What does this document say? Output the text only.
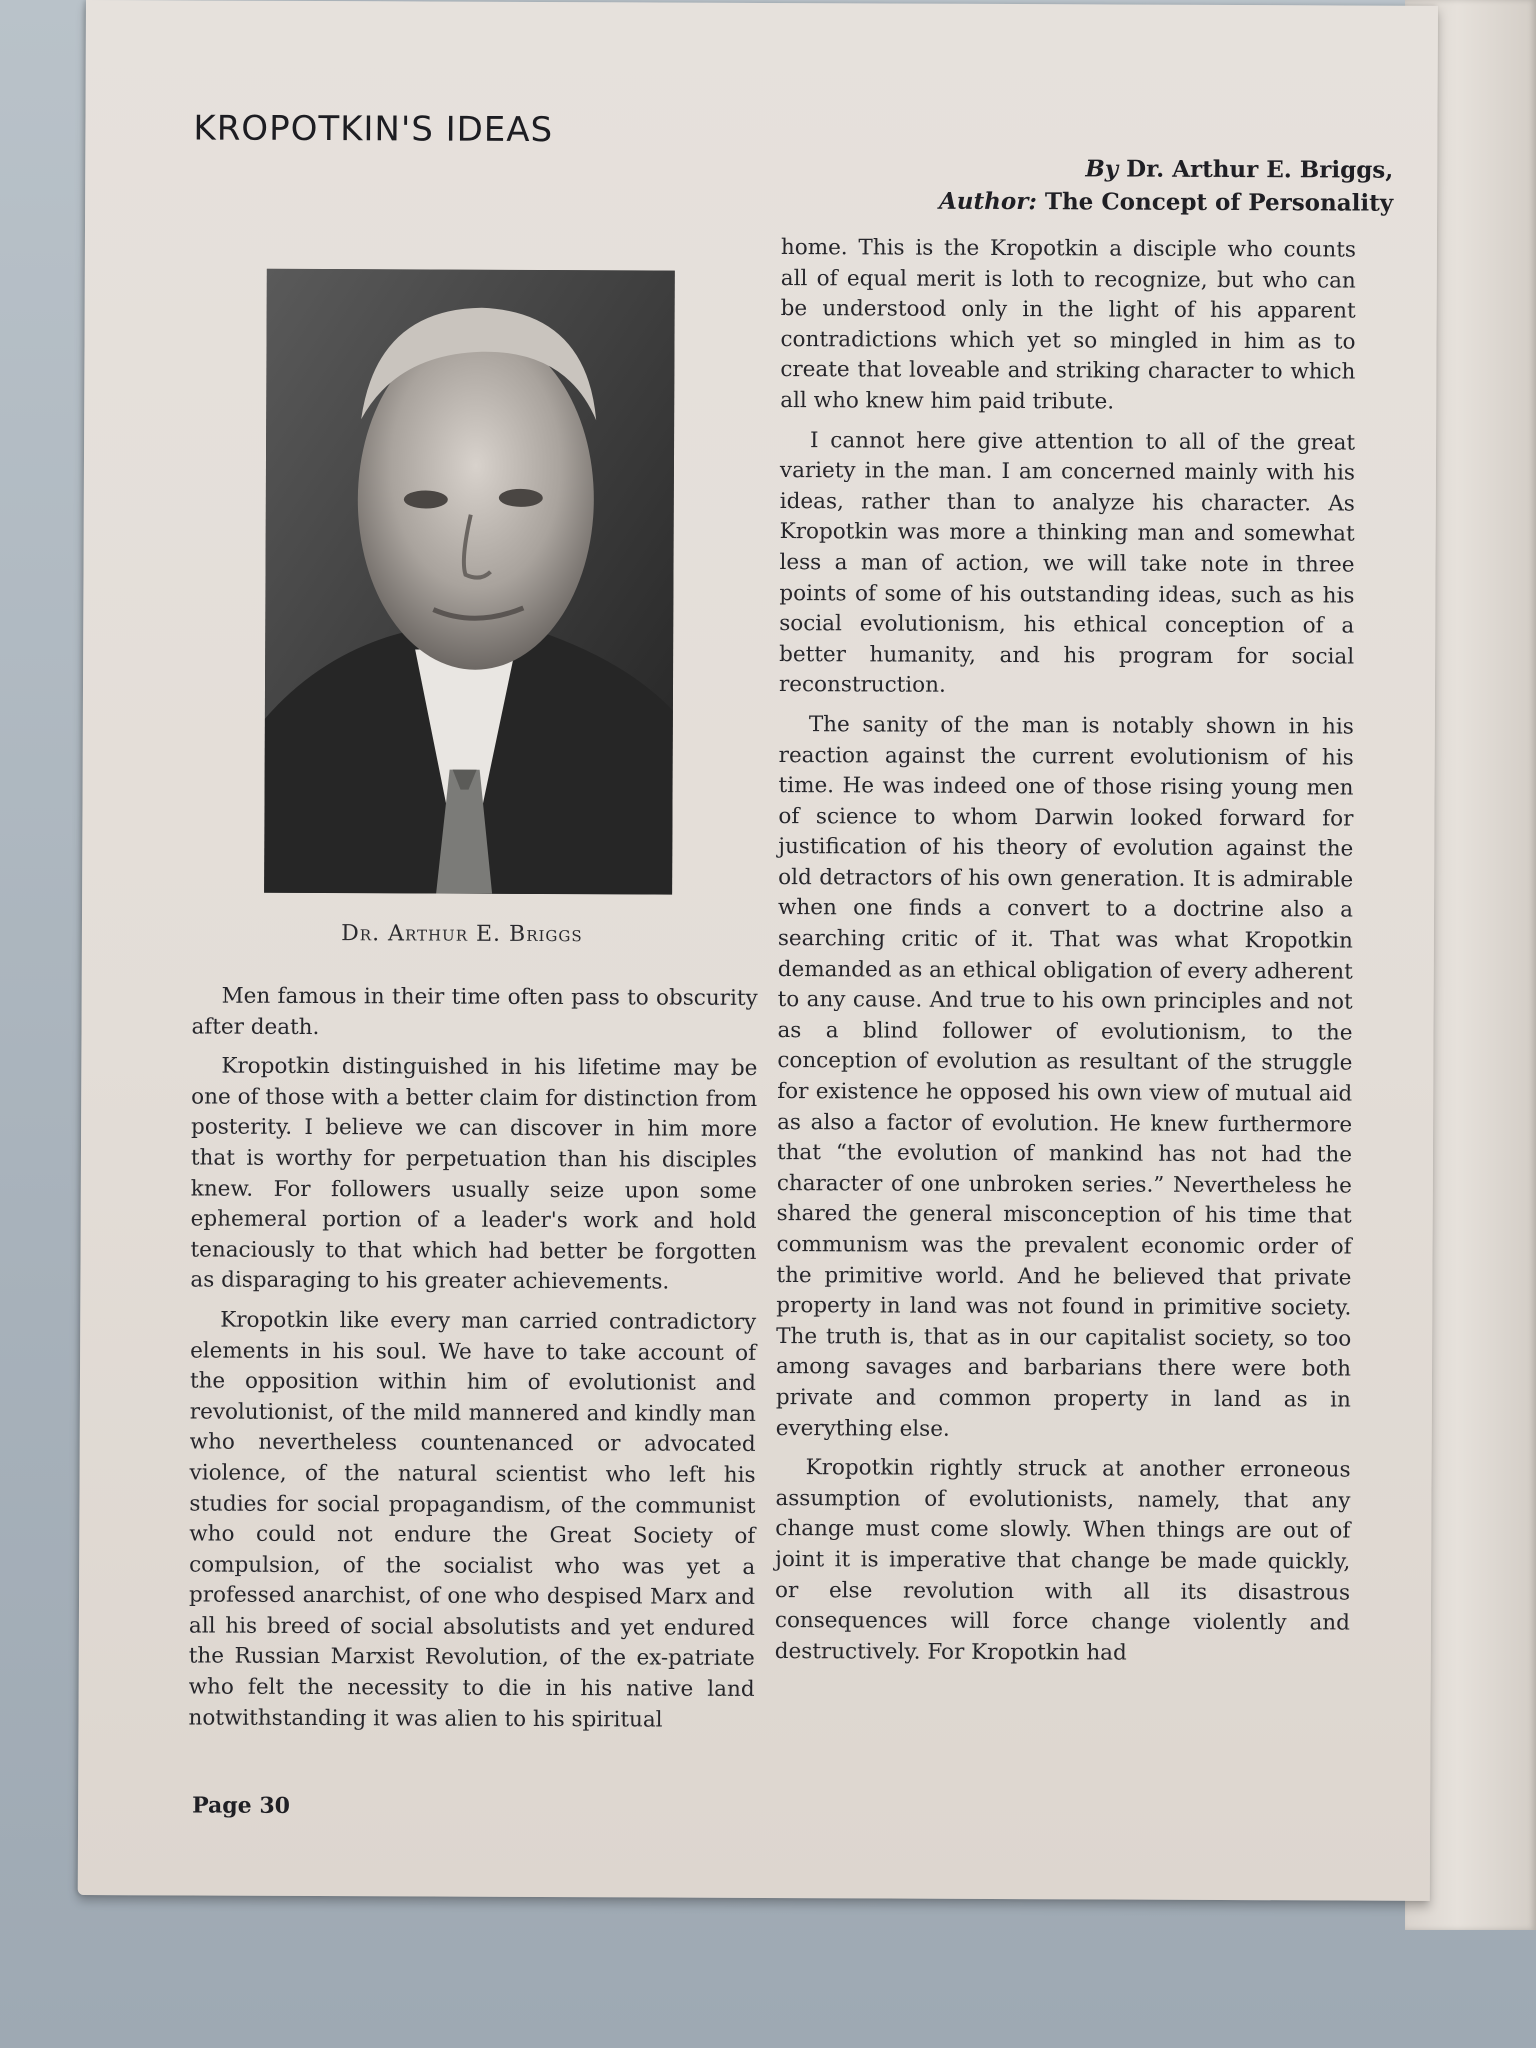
KROPOTKIN'S IDEAS
By Dr. Arthur E. Briggs,
Author: The Concept of Personality
Dr. Arthur E. Briggs

Men famous in their time often pass to obscurity after death.

Kropotkin distinguished in his lifetime may be one of those with a better claim for distinction from posterity. I believe we can discover in him more that is worthy for perpetuation than his disciples knew. For followers usually seize upon some ephemeral portion of a leader's work and hold tenaciously to that which had better be forgotten as disparaging to his greater achievements.

Kropotkin like every man carried contradictory elements in his soul. We have to take account of the opposition within him of evolutionist and revolutionist, of the mild mannered and kindly man who nevertheless countenanced or advocated violence, of the natural scientist who left his studies for social propagandism, of the communist who could not endure the Great Society of compulsion, of the socialist who was yet a professed anarchist, of one who despised Marx and all his breed of social absolutists and yet endured the Russian Marxist Revolution, of the ex-patriate who felt the necessity to die in his native land notwithstanding it was alien to his spiritual

home. This is the Kropotkin a disciple who counts all of equal merit is loth to recognize, but who can be understood only in the light of his apparent contradictions which yet so mingled in him as to create that loveable and striking character to which all who knew him paid tribute.

I cannot here give attention to all of the great variety in the man. I am concerned mainly with his ideas, rather than to analyze his character. As Kropotkin was more a thinking man and somewhat less a man of action, we will take note in three points of some of his outstanding ideas, such as his social evolutionism, his ethical conception of a better humanity, and his program for social reconstruction.

The sanity of the man is notably shown in his reaction against the current evolutionism of his time. He was indeed one of those rising young men of science to whom Darwin looked forward for justification of his theory of evolution against the old detractors of his own generation. It is admirable when one finds a convert to a doctrine also a searching critic of it. That was what Kropotkin demanded as an ethical obligation of every adherent to any cause. And true to his own principles and not as a blind follower of evolutionism, to the conception of evolution as resultant of the struggle for existence he opposed his own view of mutual aid as also a factor of evolution. He knew furthermore that “the evolution of mankind has not had the character of one unbroken series.” Nevertheless he shared the general misconception of his time that communism was the prevalent economic order of the primitive world. And he believed that private property in land was not found in primitive society. The truth is, that as in our capitalist society, so too among savages and barbarians there were both private and common property in land as in everything else.

Kropotkin rightly struck at another erroneous assumption of evolutionists, namely, that any change must come slowly. When things are out of joint it is imperative that change be made quickly, or else revolution with all its disastrous consequences will force change violently and destructively. For Kropotkin had

Page 30
